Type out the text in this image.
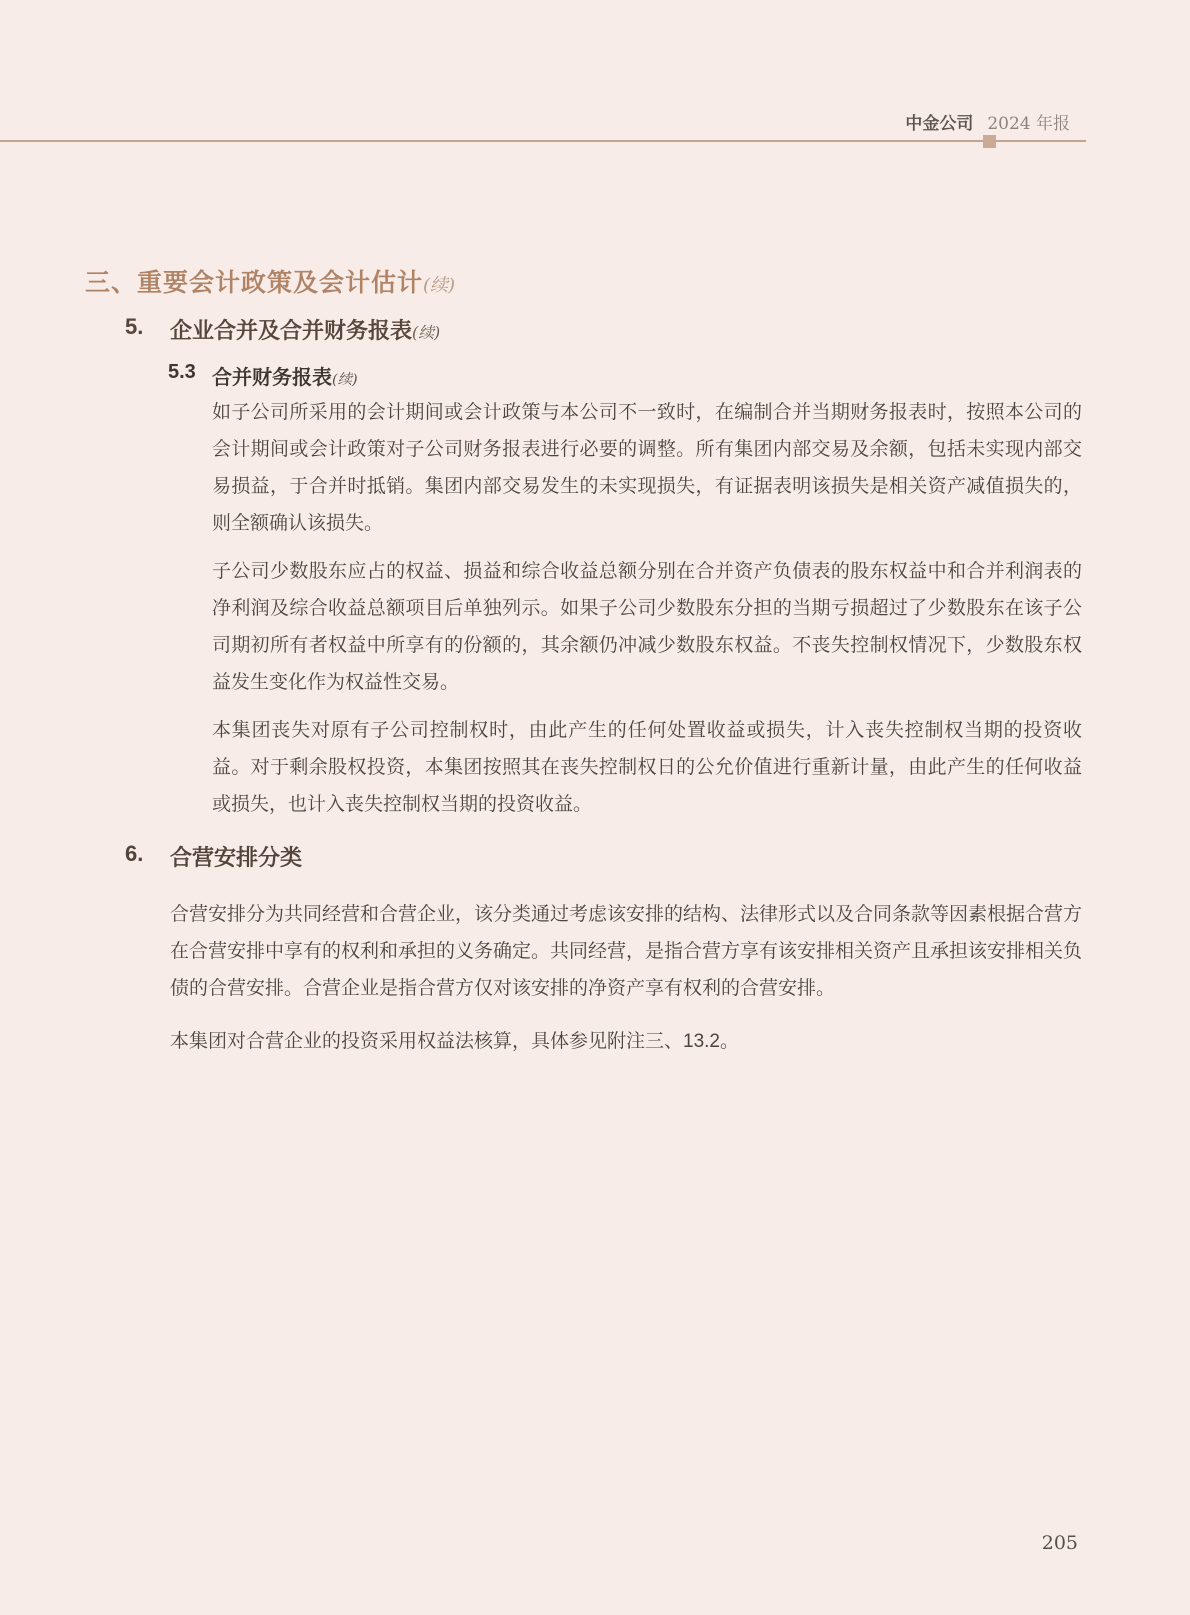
中金公司 2024 年报
三、重要会计政策及会计估计(续)
5.	企业合并及合并财务报表(续)
5.3 合并财务报表(续)
如子公司所采用的会计期间或会计政策与本公司不一致时，在编制合并当期财务报表时，按照本公司的会计期间或会计政策对子公司财务报表进行必要的调整。所有集团内部交易及余额，包括未实现内部交易损益，于合并时抵销。集团内部交易发生的未实现损失，有证据表明该损失是相关资产减值损失的，则全额确认该损失。
子公司少数股东应占的权益、损益和综合收益总额分别在合并资产负债表的股东权益中和合并利润表的净利润及综合收益总额项目后单独列示。如果子公司少数股东分担的当期亏损超过了少数股东在该子公司期初所有者权益中所享有的份额的，其余额仍冲减少数股东权益。不丧失控制权情况下，少数股东权益发生变化作为权益性交易。
本集团丧失对原有子公司控制权时，由此产生的任何处置收益或损失，计入丧失控制权当期的投资收益。对于剩余股权投资，本集团按照其在丧失控制权日的公允价值进行重新计量，由此产生的任何收益或损失，也计入丧失控制权当期的投资收益。
6.	合营安排分类
合营安排分为共同经营和合营企业，该分类通过考虑该安排的结构、法律形式以及合同条款等因素根据合营方在合营安排中享有的权利和承担的义务确定。共同经营，是指合营方享有该安排相关资产且承担该安排相关负债的合营安排。合营企业是指合营方仅对该安排的净资产享有权利的合营安排。
本集团对合营企业的投资采用权益法核算，具体参见附注三、13.2。
205
